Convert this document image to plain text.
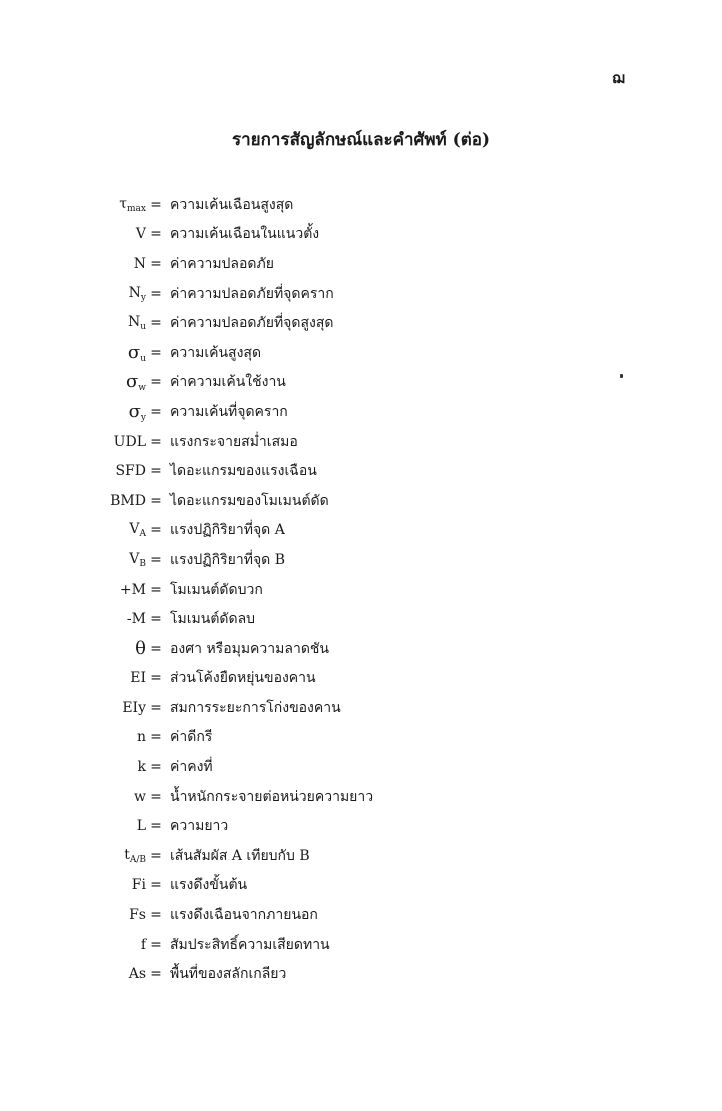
ฌ
รายการสัญลักษณ์และคำศัพท์ (ต่อ)
$\tau_{max}$ = ความเค้นเฉือนสูงสุด
V = ความเค้นเฉือนในแนวตั้ง
N = ค่าความปลอดภัย
$N_y$ = ค่าความปลอดภัยที่จุดคราก
$N_u$ = ค่าความปลอดภัยที่จุดสูงสุด
$\sigma_u$ = ความเค้นสูงสุด
$\sigma_w$ = ค่าความเค้นใช้งาน
$\sigma_y$ = ความเค้นที่จุดคราก
UDL = แรงกระจายสม่ำเสมอ
SFD = ไดอะแกรมของแรงเฉือน
BMD = ไดอะแกรมของโมเมนต์ดัด
$V_A$ = แรงปฏิกิริยาที่จุด A
$V_B$ = แรงปฏิกิริยาที่จุด B
+M = โมเมนต์ดัดบวก
-M = โมเมนต์ดัดลบ
θ = องศา หรือมุมความลาดชัน
EI = ส่วนโค้งยืดหยุ่นของคาน
EIy = สมการระยะการโก่งของคาน
n = ค่าดีกรี
k = ค่าคงที่
w = น้ำหนักกระจายต่อหน่วยความยาว
L = ความยาว
$t_{A/B}$ = เส้นสัมผัส A เทียบกับ B
Fi = แรงดึงขั้นต้น
Fs = แรงดึงเฉือนจากภายนอก
f = สัมประสิทธิ์ความเสียดทาน
As = พื้นที่ของสลักเกลียว
